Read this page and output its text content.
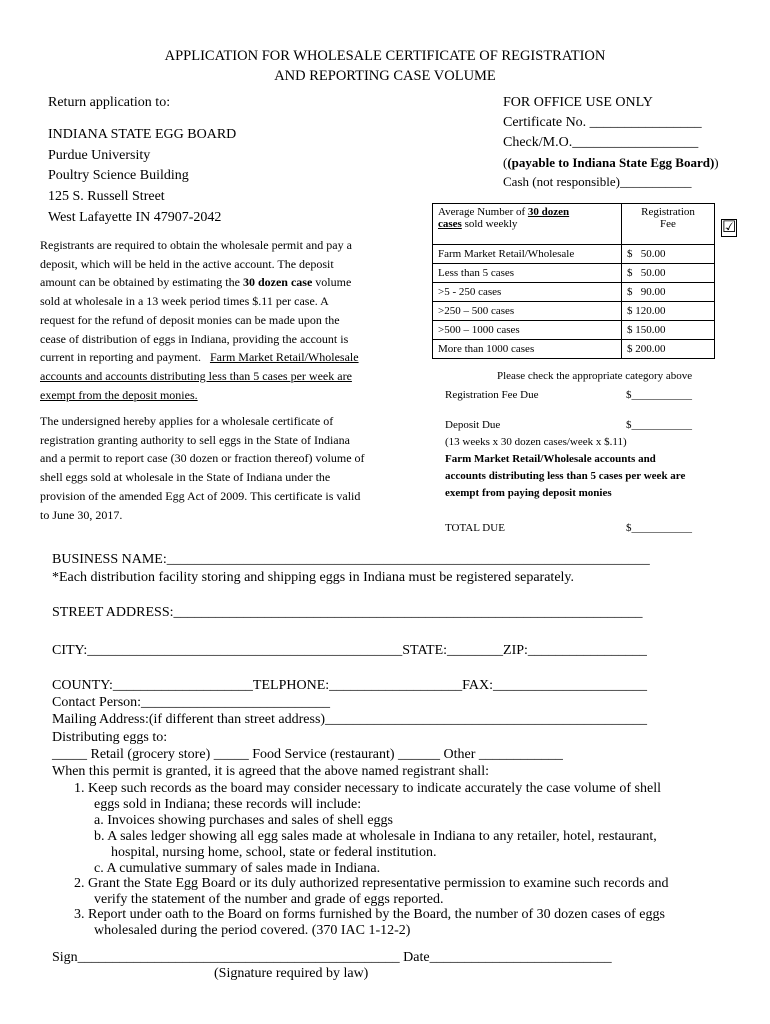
APPLICATION FOR WHOLESALE CERTIFICATE OF REGISTRATION
AND REPORTING CASE VOLUME
Return application to:
INDIANA STATE EGG BOARD
Purdue University
Poultry Science Building
125 S. Russell Street
West Lafayette IN 47907-2042
FOR OFFICE USE ONLY
Certificate No. ________________
Check/M.O.__________________
((payable to Indiana State Egg Board))
Cash (not responsible)___________
Registrants are required to obtain the wholesale permit and pay a
deposit, which will be held in the active account. The deposit
amount can be obtained by estimating the 30 dozen case volume
sold at wholesale in a 13 week period times $.11 per case. A
request for the refund of deposit monies can be made upon the
cease of distribution of eggs in Indiana, providing the account is
current in reporting and payment.   Farm Market Retail/Wholesale
accounts and accounts distributing less than 5 cases per week are
exempt from the deposit monies.
The undersigned hereby applies for a wholesale certificate of
registration granting authority to sell eggs in the State of Indiana
and a permit to report case (30 dozen or fraction thereof) volume of
shell eggs sold at wholesale in the State of Indiana under the
provision of the amended Egg Act of 2009. This certificate is valid
to June 30, 2017.
Average Number of 30 dozen
cases sold weekly	Registration
Fee
Farm Market Retail/Wholesale	$   50.00
Less than 5 cases	$   50.00
>5 - 250 cases	$   90.00
>250 – 500 cases	$ 120.00
>500 – 1000 cases	$ 150.00
More than 1000 cases	$ 200.00
☑
Please check the appropriate category above
Registration Fee Due	$___________
Deposit Due	$___________
(13 weeks x 30 dozen cases/week x $.11)
Farm Market Retail/Wholesale accounts and
accounts distributing less than 5 cases per week are
exempt from paying deposit monies
TOTAL DUE	$___________
BUSINESS NAME:_____________________________________________________________________
*Each distribution facility storing and shipping eggs in Indiana must be registered separately.
STREET ADDRESS:___________________________________________________________________
CITY:_____________________________________________STATE:________ZIP:_________________
COUNTY:____________________TELPHONE:___________________FAX:______________________
Contact Person:___________________________
Mailing Address:(if different than street address)______________________________________________
Distributing eggs to:
_____ Retail (grocery store) _____ Food Service (restaurant) ______ Other ____________
When this permit is granted, it is agreed that the above named registrant shall:
1. Keep such records as the board may consider necessary to indicate accurately the case volume of shell
eggs sold in Indiana; these records will include:
a. Invoices showing purchases and sales of shell eggs
b. A sales ledger showing all egg sales made at wholesale in Indiana to any retailer, hotel, restaurant,
hospital, nursing home, school, state or federal institution.
c. A cumulative summary of sales made in Indiana.
2. Grant the State Egg Board or its duly authorized representative permission to examine such records and
verify the statement of the number and grade of eggs reported.
3. Report under oath to the Board on forms furnished by the Board, the number of 30 dozen cases of eggs
wholesaled during the period covered. (370 IAC 1-12-2)
Sign______________________________________________ Date__________________________
(Signature required by law)
